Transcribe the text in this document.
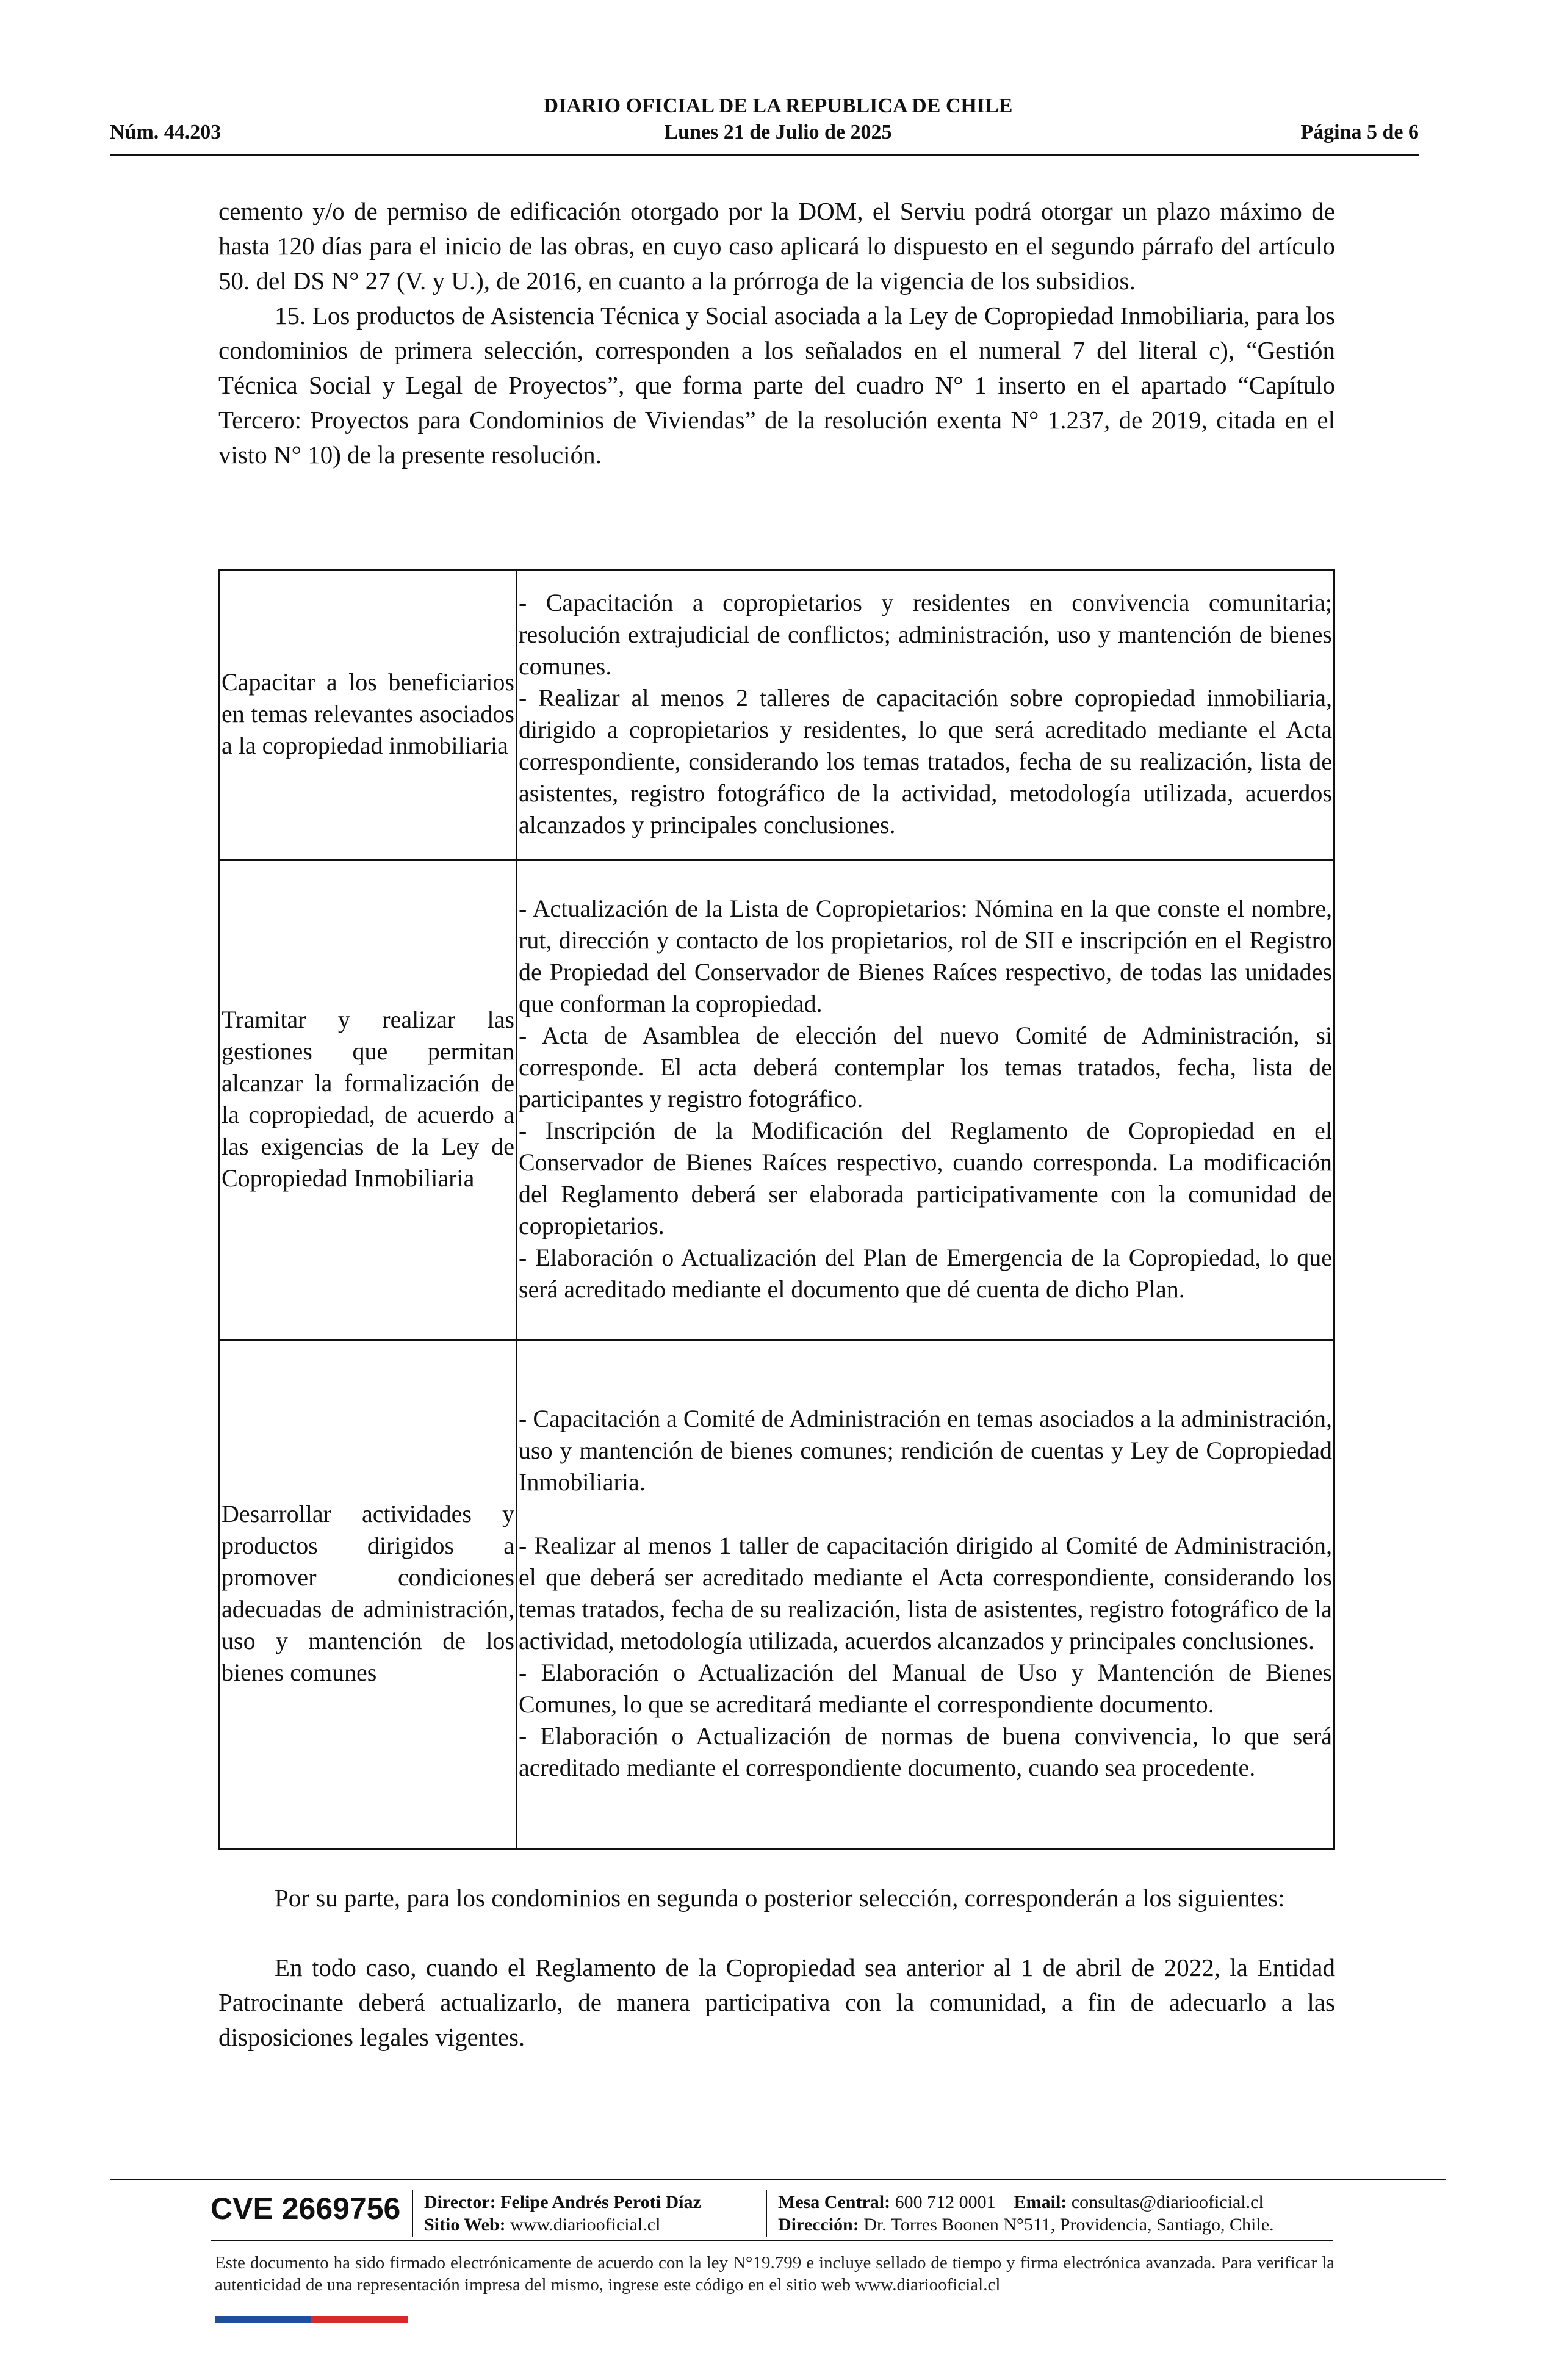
DIARIO OFICIAL DE LA REPUBLICA DE CHILE
Núm. 44.203	Lunes 21 de Julio de 2025	Página 5 de 6

cemento y/o de permiso de edificación otorgado por la DOM, el Serviu podrá otorgar un plazo máximo de hasta 120 días para el inicio de las obras, en cuyo caso aplicará lo dispuesto en el segundo párrafo del artículo 50. del DS N° 27 (V. y U.), de 2016, en cuanto a la prórroga de la vigencia de los subsidios.

15. Los productos de Asistencia Técnica y Social asociada a la Ley de Copropiedad Inmobiliaria, para los condominios de primera selección, corresponden a los señalados en el numeral 7 del literal c), “Gestión Técnica Social y Legal de Proyectos”, que forma parte del cuadro N° 1 inserto en el apartado “Capítulo Tercero: Proyectos para Condominios de Viviendas” de la resolución exenta N° 1.237, de 2019, citada en el visto N° 10) de la presente resolución.

Capacitar a los beneficiarios en temas relevantes asociados a la copropiedad inmobiliaria	- Capacitación a copropietarios y residentes en convivencia comunitaria; resolución extrajudicial de conflictos; administración, uso y mantención de bienes comunes.

- Realizar al menos 2 talleres de capacitación sobre copropiedad inmobiliaria, dirigido a copropietarios y residentes, lo que será acreditado mediante el Acta correspondiente, considerando los temas tratados, fecha de su realización, lista de asistentes, registro fotográfico de la actividad, metodología utilizada, acuerdos alcanzados y principales conclusiones.

Tramitar y realizar las gestiones que permitan alcanzar la formalización de la copropiedad, de acuerdo a las exigencias de la Ley de Copropiedad Inmobiliaria	- Actualización de la Lista de Copropietarios: Nómina en la que conste el nombre, rut, dirección y contacto de los propietarios, rol de SII e inscripción en el Registro de Propiedad del Conservador de Bienes Raíces respectivo, de todas las unidades que conforman la copropiedad.

- Acta de Asamblea de elección del nuevo Comité de Administración, si corresponde. El acta deberá contemplar los temas tratados, fecha, lista de participantes y registro fotográfico.

- Inscripción de la Modificación del Reglamento de Copropiedad en el Conservador de Bienes Raíces respectivo, cuando corresponda. La modificación del Reglamento deberá ser elaborada participativamente con la comunidad de copropietarios.

- Elaboración o Actualización del Plan de Emergencia de la Copropiedad, lo que será acreditado mediante el documento que dé cuenta de dicho Plan.

Desarrollar actividades y productos dirigidos a promover condiciones adecuadas de administración, uso y mantención de los bienes comunes	- Capacitación a Comité de Administración en temas asociados a la administración, uso y mantención de bienes comunes; rendición de cuentas y Ley de Copropiedad Inmobiliaria.

- Realizar al menos 1 taller de capacitación dirigido al Comité de Administración, el que deberá ser acreditado mediante el Acta correspondiente, considerando los temas tratados, fecha de su realización, lista de asistentes, registro fotográfico de la actividad, metodología utilizada, acuerdos alcanzados y principales conclusiones.

- Elaboración o Actualización del Manual de Uso y Mantención de Bienes Comunes, lo que se acreditará mediante el correspondiente documento.

- Elaboración o Actualización de normas de buena convivencia, lo que será acreditado mediante el correspondiente documento, cuando sea procedente.

Por su parte, para los condominios en segunda o posterior selección, corresponderán a los siguientes:

En todo caso, cuando el Reglamento de la Copropiedad sea anterior al 1 de abril de 2022, la Entidad Patrocinante deberá actualizarlo, de manera participativa con la comunidad, a fin de adecuarlo a las disposiciones legales vigentes.

CVE 2669756 Director: Felipe Andrés Peroti Díaz
Sitio Web: www.diariooficial.cl
Mesa Central: 600 712 0001 Email: consultas@diariooficial.cl
Dirección: Dr. Torres Boonen N°511, Providencia, Santiago, Chile.
Este documento ha sido firmado electrónicamente de acuerdo con la ley N°19.799 e incluye sellado de tiempo y firma electrónica avanzada. Para verificar la autenticidad de una representación impresa del mismo, ingrese este código en el sitio web www.diariooficial.cl
